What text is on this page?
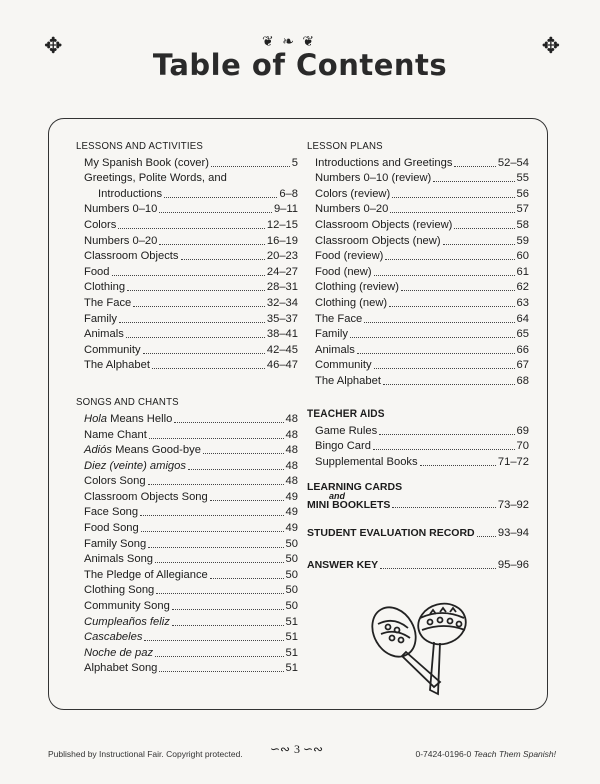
✥	❦ ❧ ❦	✥
Table of Contents
LESSONS AND ACTIVITIES
My Spanish Book (cover)	5
Greetings, Polite Words, and
Introductions	6–8
Numbers 0–10	9–11
Colors	12–15
Numbers 0–20	16–19
Classroom Objects	20–23
Food	24–27
Clothing	28–31
The Face	32–34
Family	35–37
Animals	38–41
Community	42–45
The Alphabet	46–47
SONGS AND CHANTS
Hola Means Hello	48
Name Chant	48
Adiós Means Good-bye	48
Diez (veinte) amigos	48
Colors Song	48
Classroom Objects Song	49
Face Song	49
Food Song	49
Family Song	50
Animals Song	50
The Pledge of Allegiance	50
Clothing Song	50
Community Song	50
Cumpleaños feliz	51
Cascabeles	51
Noche de paz	51
Alphabet Song	51
LESSON PLANS
Introductions and Greetings	52–54
Numbers 0–10 (review)	55
Colors (review)	56
Numbers 0–20	57
Classroom Objects (review)	58
Classroom Objects (new)	59
Food (review)	60
Food (new)	61
Clothing (review)	62
Clothing (new)	63
The Face	64
Family	65
Animals	66
Community	67
The Alphabet	68
TEACHER AIDS
Game Rules	69
Bingo Card	70
Supplemental Books	71–72
LEARNING CARDS
and
MINI BOOKLETS	73–92
STUDENT EVALUATION RECORD 93–94
ANSWER KEY	95–96
Published by Instructional Fair. Copyright protected. ∽∾ 3 ∽∾	0-7424-0196-0 Teach Them Spanish!
